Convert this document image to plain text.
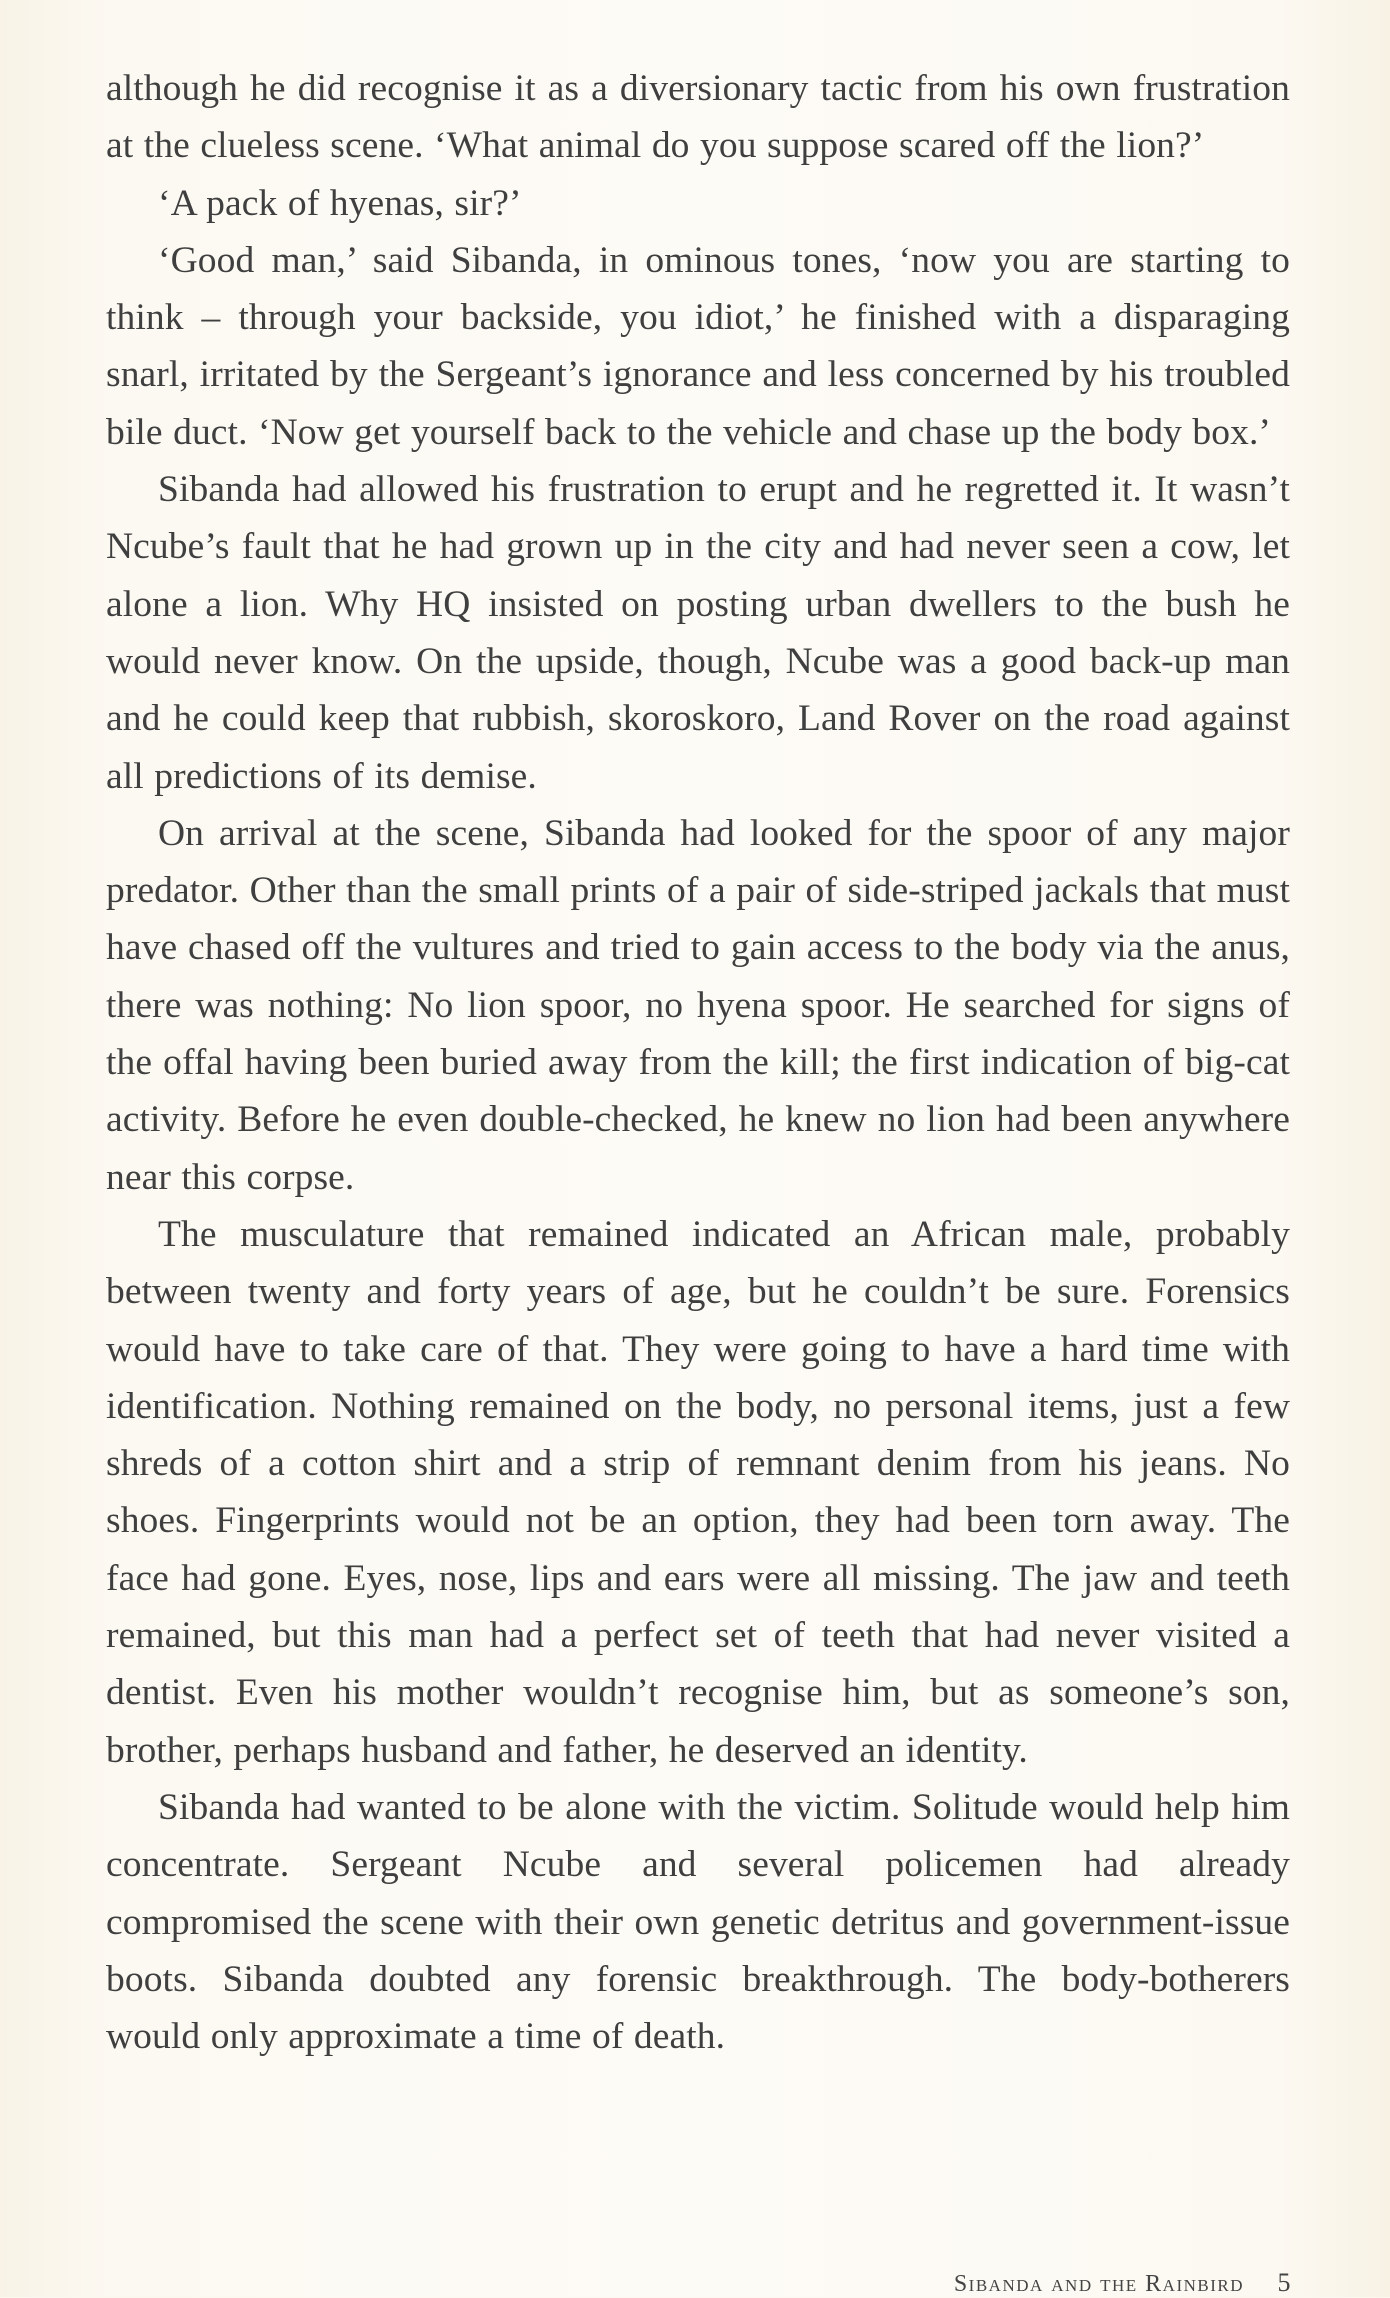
although he did recognise it as a diversionary tactic from his own frustration at the clueless scene. ‘What animal do you suppose scared off the lion?’

‘A pack of hyenas, sir?’

‘Good man,’ said Sibanda, in ominous tones, ‘now you are starting to think – through your backside, you idiot,’ he finished with a disparaging snarl, irritated by the Sergeant’s ignorance and less concerned by his troubled bile duct. ‘Now get yourself back to the vehicle and chase up the body box.’

Sibanda had allowed his frustration to erupt and he regretted it. It wasn’t Ncube’s fault that he had grown up in the city and had never seen a cow, let alone a lion. Why HQ insisted on posting urban dwellers to the bush he would never know. On the upside, though, Ncube was a good back-up man and he could keep that rubbish, skoroskoro, Land Rover on the road against all predictions of its demise.

On arrival at the scene, Sibanda had looked for the spoor of any major predator. Other than the small prints of a pair of side-striped jackals that must have chased off the vultures and tried to gain access to the body via the anus, there was nothing: No lion spoor, no hyena spoor. He searched for signs of the offal having been buried away from the kill; the first indication of big-cat activity. Before he even double-checked, he knew no lion had been anywhere near this corpse.

The musculature that remained indicated an African male, probably between twenty and forty years of age, but he couldn’t be sure. Forensics would have to take care of that. They were going to have a hard time with identification. Nothing remained on the body, no personal items, just a few shreds of a cotton shirt and a strip of remnant denim from his jeans. No shoes. Fingerprints would not be an option, they had been torn away. The face had gone. Eyes, nose, lips and ears were all missing. The jaw and teeth remained, but this man had a perfect set of teeth that had never visited a dentist. Even his mother wouldn’t recognise him, but as someone’s son, brother, perhaps husband and father, he deserved an identity.

Sibanda had wanted to be alone with the victim. Solitude would help him concentrate. Sergeant Ncube and several policemen had already compromised the scene with their own genetic detritus and government-issue boots. Sibanda doubted any forensic breakthrough. The body-botherers would only approximate a time of death.

Sibanda and the Rainbird 5
